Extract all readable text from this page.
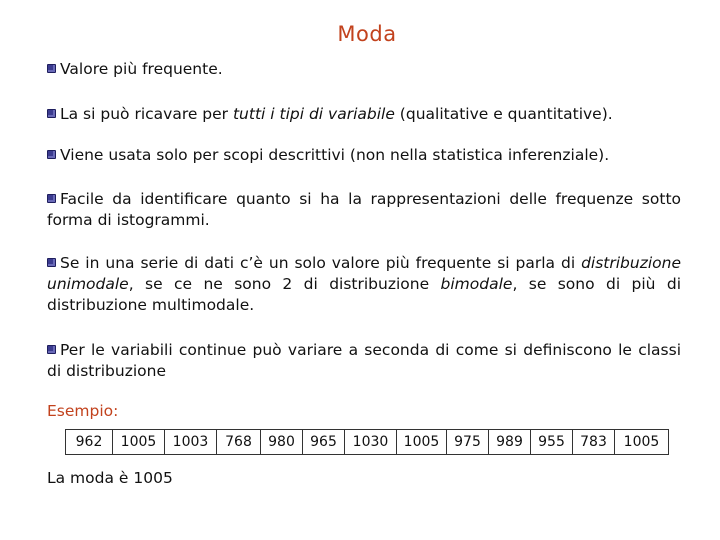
Moda
Valore più frequente.
La si può ricavare per tutti i tipi di variabile (qualitative e quantitative).
Viene usata solo per scopi descrittivi (non nella statistica inferenziale).
Facile da identificare quanto si ha la rappresentazioni delle frequenze sotto forma di istogrammi.
Se in una serie di dati c’è un solo valore più frequente si parla di distribuzione unimodale, se ce ne sono 2 di distribuzione bimodale, se sono di più di distribuzione multimodale.
Per le variabili continue può variare a seconda di come si definiscono le classi di distribuzione
Esempio:
962	1005	1003	768	980	965	1030	1005	975	989	955	783	1005
La moda è 1005
